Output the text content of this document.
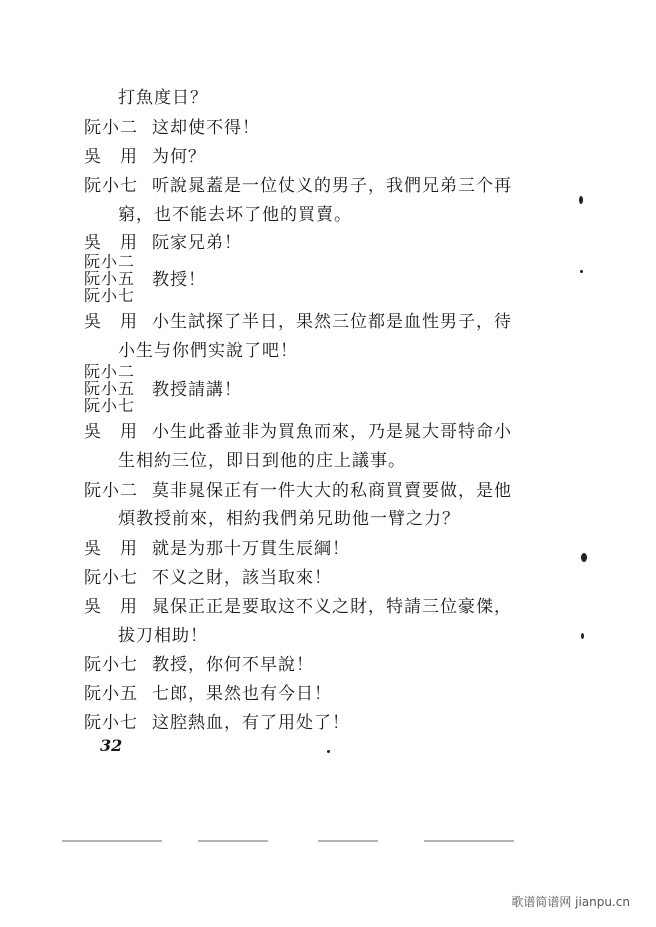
打魚度日？
阮小二 这却使不得！
吳　用 为何？
阮小七 听說晁蓋是一位仗义的男子，我們兄弟三个再
窮，也不能去坏了他的買賣。
吳　用 阮家兄弟！
阮小二
阮小五
阮小七
教授！
吳　用 小生試探了半日，果然三位都是血性男子，待
小生与你們实說了吧！
阮小二
阮小五
阮小七
教授請講！
吳　用 小生此番並非为買魚而來，乃是晁大哥特命小
生相約三位，即日到他的庄上議事。
阮小二 莫非晁保正有一件大大的私商買賣要做，是他
煩教授前來，相約我們弟兄助他一臂之力？
吳　用 就是为那十万貫生辰綱！
阮小七 不义之財，該当取來！
吳　用 晁保正正是要取这不义之財，特請三位豪傑，
拔刀相助！
阮小七 教授，你何不早說！
阮小五 七郎，果然也有今日！
阮小七 这腔熱血，有了用处了！
32
歌谱简谱网 jianpu.cn
